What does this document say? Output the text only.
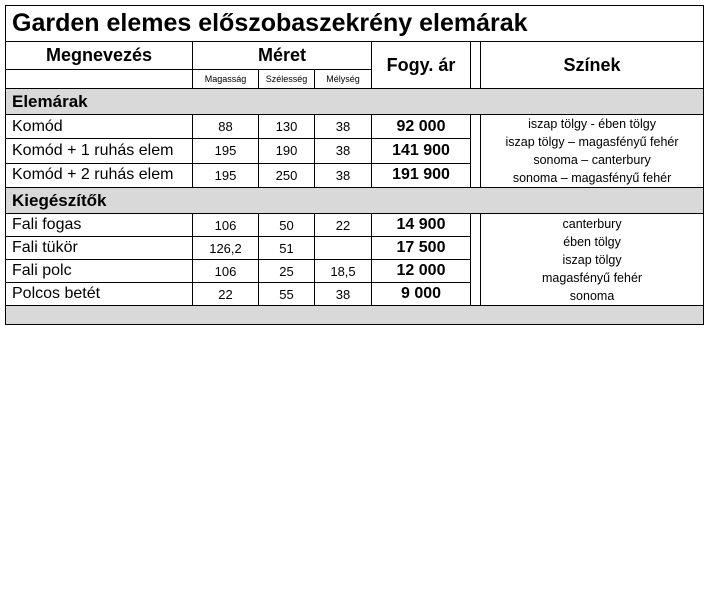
Garden elemes előszobaszekrény elemárak						
Megnevezés	Méret			Fogy. ár		Színek
	Magasság	Szélesség	Mélység			
Elemárak						
Komód	88	130	38	92 000		iszap tölgy - ében tölgy
iszap tölgy – magasfényű fehér
sonoma – canterbury
sonoma – magasfényű fehér

Komód + 1 ruhás elem	195	190	38	141 900		
Komód + 2 ruhás elem	195	250	38	191 900		
Kiegészítők						
Fali fogas	106	50	22	14 900		canterbury
ében tölgy
iszap tölgy
magasfényű fehér
sonoma

Fali tükör	126,2	51		17 500		
Fali polc	106	25	18,5	12 000		
Polcos betét	22	55	38	9 000		
